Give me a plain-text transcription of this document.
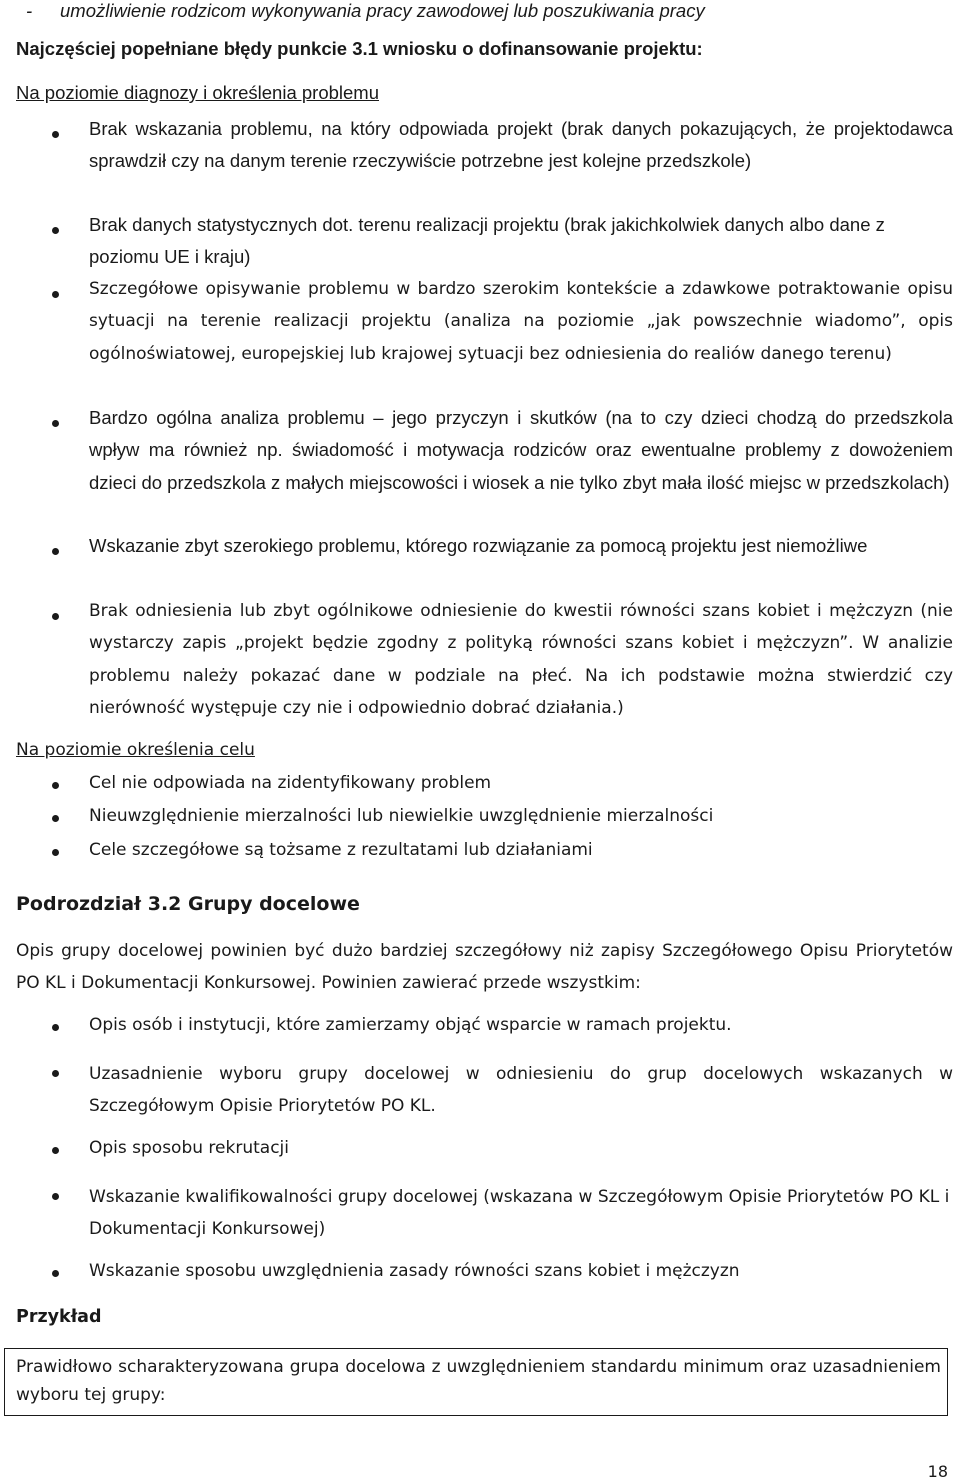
- umożliwienie rodzicom wykonywania pracy zawodowej lub poszukiwania pracy
Najczęściej popełniane błędy punkcie 3.1 wniosku o dofinansowanie projektu:
Na poziomie diagnozy i określenia problemu
Brak wskazania problemu, na który odpowiada projekt (brak danych pokazujących, że projektodawca sprawdził czy na danym terenie rzeczywiście potrzebne jest kolejne przedszkole)
Brak danych statystycznych dot. terenu realizacji projektu (brak jakichkolwiek danych albo dane z poziomu UE i kraju)
Szczegółowe opisywanie problemu w bardzo szerokim kontekście a zdawkowe potraktowanie opisu sytuacji na terenie realizacji projektu (analiza na poziomie „jak powszechnie wiadomo”, opis ogólnoświatowej, europejskiej lub krajowej sytuacji bez odniesienia do realiów danego terenu)
Bardzo ogólna analiza problemu – jego przyczyn i skutków (na to czy dzieci chodzą do przedszkola wpływ ma również np. świadomość i motywacja rodziców oraz ewentualne problemy z dowożeniem dzieci do przedszkola z małych miejscowości i wiosek a nie tylko zbyt mała ilość miejsc w przedszkolach)
Wskazanie zbyt szerokiego problemu, którego rozwiązanie za pomocą projektu jest niemożliwe
Brak odniesienia lub zbyt ogólnikowe odniesienie do kwestii równości szans kobiet i mężczyzn (nie wystarczy zapis „projekt będzie zgodny z polityką równości szans kobiet i mężczyzn”. W analizie problemu należy pokazać dane w podziale na płeć. Na ich podstawie można stwierdzić czy nierówność występuje czy nie i odpowiednio dobrać działania.)
Na poziomie określenia celu
Cel nie odpowiada na zidentyfikowany problem
Nieuwzględnienie mierzalności lub niewielkie uwzględnienie mierzalności
Cele szczegółowe są tożsame z rezultatami lub działaniami
Podrozdział 3.2 Grupy docelowe
Opis grupy docelowej powinien być dużo bardziej szczegółowy niż zapisy Szczegółowego Opisu Priorytetów PO KL i Dokumentacji Konkursowej. Powinien zawierać przede wszystkim:
Opis osób i instytucji, które zamierzamy objąć wsparcie w ramach projektu.
Uzasadnienie wyboru grupy docelowej w odniesieniu do grup docelowych wskazanych w Szczegółowym Opisie Priorytetów PO KL.
Opis sposobu rekrutacji
Wskazanie kwalifikowalności grupy docelowej (wskazana w Szczegółowym Opisie Priorytetów PO KL i Dokumentacji Konkursowej)
Wskazanie sposobu uwzględnienia zasady równości szans kobiet i mężczyzn
Przykład
Prawidłowo scharakteryzowana grupa docelowa z uwzględnieniem standardu minimum oraz uzasadnieniem wyboru tej grupy:
18
